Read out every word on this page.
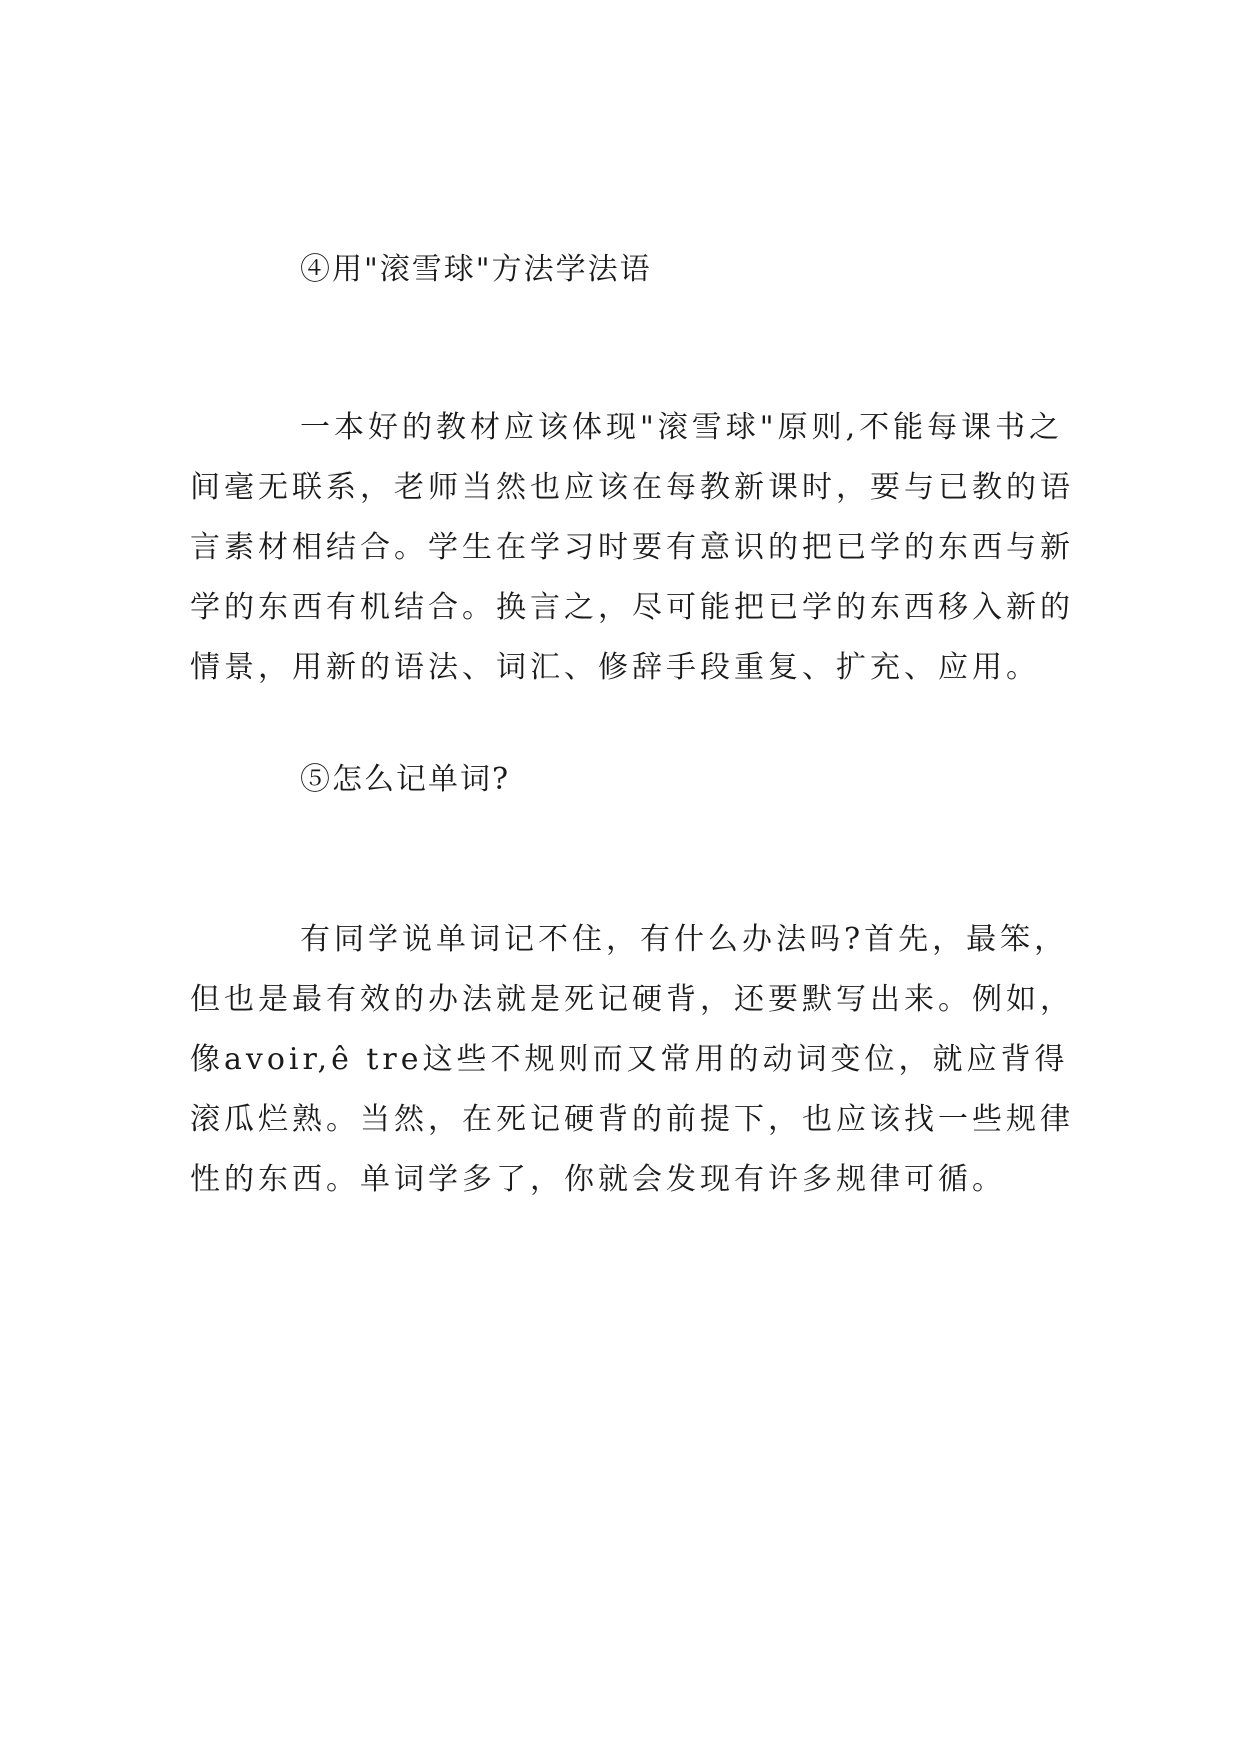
④用"滚雪球"方法学法语
一本好的教材应该体现"滚雪球"原则,不能每课书之
间毫无联系，老师当然也应该在每教新课时，要与已教的语
言素材相结合。学生在学习时要有意识的把已学的东西与新
学的东西有机结合。换言之，尽可能把已学的东西移入新的
情景，用新的语法、词汇、修辞手段重复、扩充、应用。
⑤怎么记单词?
有同学说单词记不住，有什么办法吗?首先，最笨，
但也是最有效的办法就是死记硬背，还要默写出来。例如，
像avoir,ê tre这些不规则而又常用的动词变位，就应背得
滚瓜烂熟。当然，在死记硬背的前提下，也应该找一些规律
性的东西。单词学多了，你就会发现有许多规律可循。
